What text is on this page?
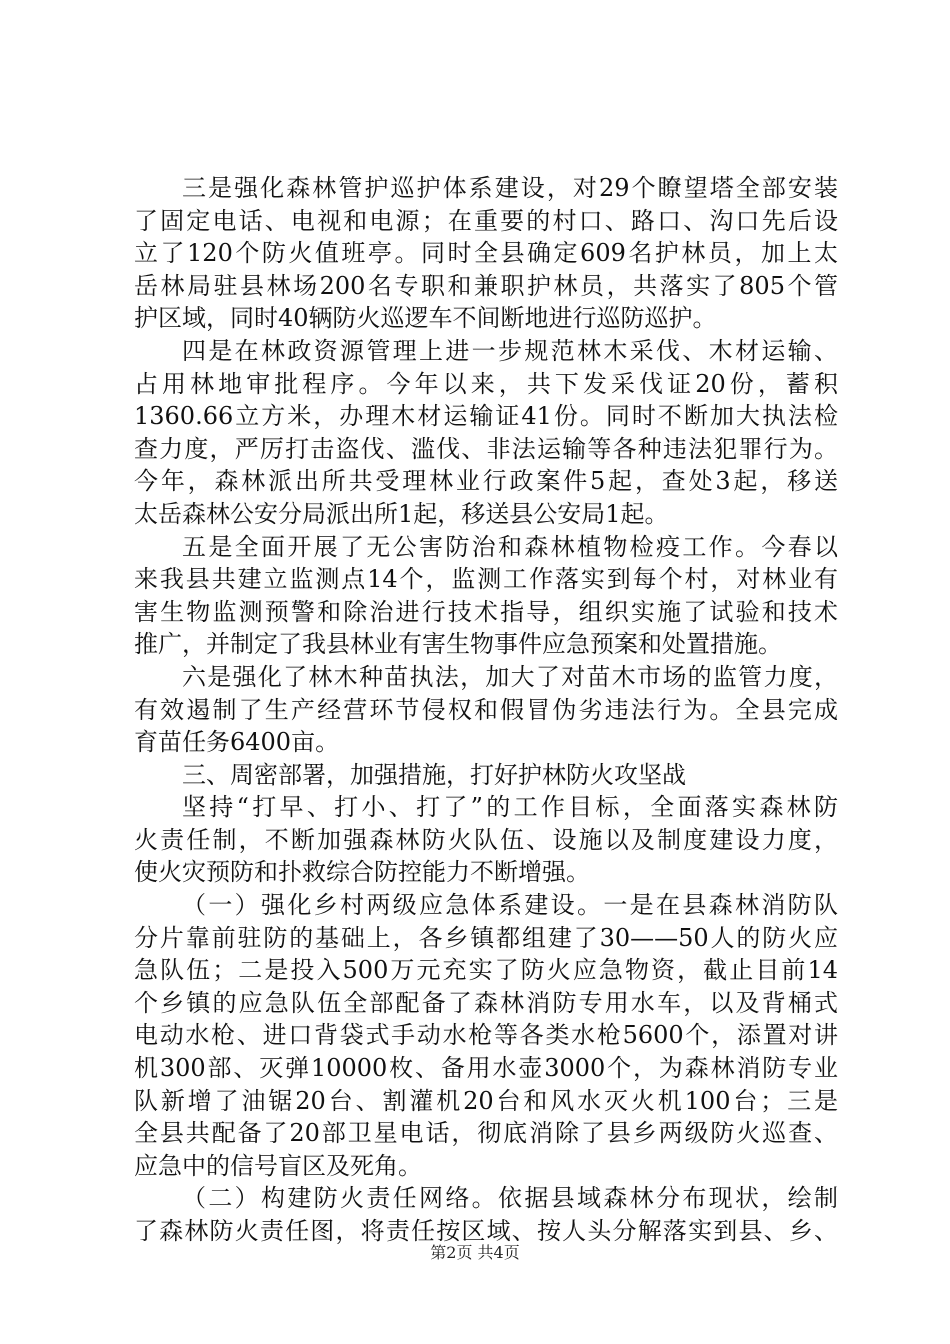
三是强化森林管护巡护体系建设，对29个瞭望塔全部安装
了固定电话、电视和电源；在重要的村口、路口、沟口先后设
立了120个防火值班亭。同时全县确定609名护林员，加上太
岳林局驻县林场200名专职和兼职护林员，共落实了805个管
护区域，同时40辆防火巡逻车不间断地进行巡防巡护。
四是在林政资源管理上进一步规范林木采伐、木材运输、
占用林地审批程序。今年以来，共下发采伐证20份，蓄积
1360.66立方米，办理木材运输证41份。同时不断加大执法检
查力度，严厉打击盗伐、滥伐、非法运输等各种违法犯罪行为。
今年，森林派出所共受理林业行政案件5起，查处3起，移送
太岳森林公安分局派出所1起，移送县公安局1起。
五是全面开展了无公害防治和森林植物检疫工作。今春以
来我县共建立监测点14个，监测工作落实到每个村，对林业有
害生物监测预警和除治进行技术指导，组织实施了试验和技术
推广，并制定了我县林业有害生物事件应急预案和处置措施。
六是强化了林木种苗执法，加大了对苗木市场的监管力度，
有效遏制了生产经营环节侵权和假冒伪劣违法行为。全县完成
育苗任务6400亩。
三、周密部署，加强措施，打好护林防火攻坚战
坚持“打早、打小、打了”的工作目标，全面落实森林防
火责任制，不断加强森林防火队伍、设施以及制度建设力度，
使火灾预防和扑救综合防控能力不断增强。
（一）强化乡村两级应急体系建设。一是在县森林消防队
分片靠前驻防的基础上，各乡镇都组建了30——50人的防火应
急队伍；二是投入500万元充实了防火应急物资，截止目前14
个乡镇的应急队伍全部配备了森林消防专用水车，以及背桶式
电动水枪、进口背袋式手动水枪等各类水枪5600个，添置对讲
机300部、灭弹10000枚、备用水壶3000个，为森林消防专业
队新增了油锯20台、割灌机20台和风水灭火机100台；三是
全县共配备了20部卫星电话，彻底消除了县乡两级防火巡查、
应急中的信号盲区及死角。
（二）构建防火责任网络。依据县域森林分布现状，绘制
了森林防火责任图，将责任按区域、按人头分解落实到县、乡、
第2页 共4页
